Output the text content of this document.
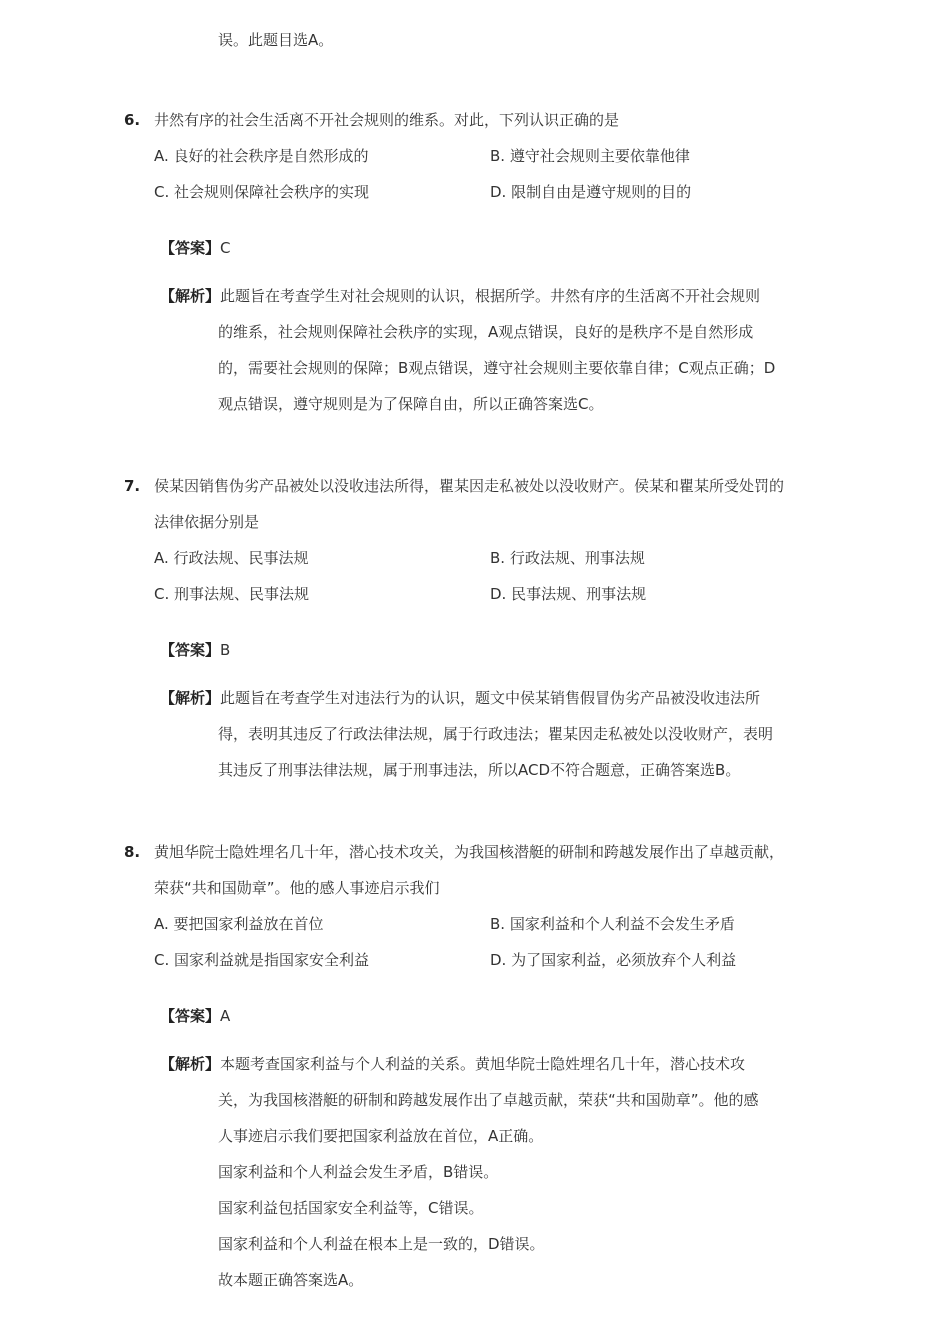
误。此题目选A。
6. 井然有序的社会生活离不开社会规则的维系。对此，下列认识正确的是
A. 良好的社会秩序是自然形成的	B. 遵守社会规则主要依靠他律
C. 社会规则保障社会秩序的实现	D. 限制自由是遵守规则的目的
【答案】C
【解析】此题旨在考查学生对社会规则的认识，根据所学。井然有序的生活离不开社会规则
的维系，社会规则保障社会秩序的实现，A观点错误，良好的是秩序不是自然形成
的，需要社会规则的保障；B观点错误，遵守社会规则主要依靠自律；C观点正确；D
观点错误，遵守规则是为了保障自由，所以正确答案选C。
7. 侯某因销售伪劣产品被处以没收违法所得，瞿某因走私被处以没收财产。侯某和瞿某所受处罚的
法律依据分别是
A. 行政法规、民事法规	B. 行政法规、刑事法规
C. 刑事法规、民事法规	D. 民事法规、刑事法规
【答案】B
【解析】此题旨在考查学生对违法行为的认识，题文中侯某销售假冒伪劣产品被没收违法所
得，表明其违反了行政法律法规，属于行政违法；瞿某因走私被处以没收财产，表明
其违反了刑事法律法规，属于刑事违法，所以ACD不符合题意，正确答案选B。
8. 黄旭华院士隐姓埋名几十年，潜心技术攻关，为我国核潜艇的研制和跨越发展作出了卓越贡献，
荣获“共和国勋章”。他的感人事迹启示我们
A. 要把国家利益放在首位	B. 国家利益和个人利益不会发生矛盾
C. 国家利益就是指国家安全利益	D. 为了国家利益，必须放弃个人利益
【答案】A
【解析】本题考查国家利益与个人利益的关系。黄旭华院士隐姓埋名几十年，潜心技术攻
关，为我国核潜艇的研制和跨越发展作出了卓越贡献，荣获“共和国勋章”。他的感
人事迹启示我们要把国家利益放在首位，A正确。
国家利益和个人利益会发生矛盾，B错误。
国家利益包括国家安全利益等，C错误。
国家利益和个人利益在根本上是一致的，D错误。
故本题正确答案选A。
